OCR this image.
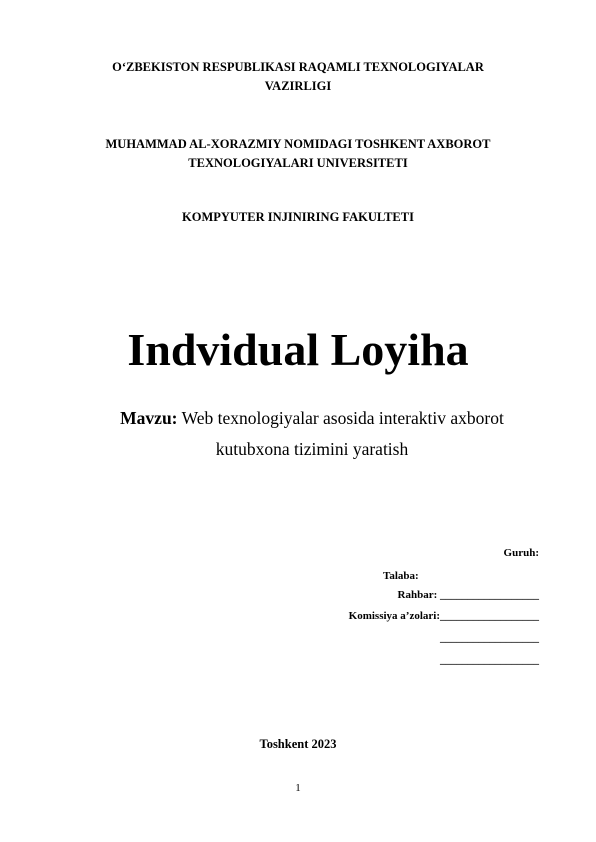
O‘ZBEKISTON RESPUBLIKASI RAQAMLI TEXNOLOGIYALAR
VAZIRLIGI
MUHAMMAD AL-XORAZMIY NOMIDAGI TOSHKENT AXBOROT
TEXNOLOGIYALARI UNIVERSITETI
KOMPYUTER INJINIRING FAKULTETI
Indvidual Loyiha
Mavzu: Web texnologiyalar asosida interaktiv axborot
kutubxona tizimini yaratish
Guruh:
Talaba:
Rahbar: __________________
Komissiya a’zolari:__________________
__________________
__________________
Toshkent 2023
1
